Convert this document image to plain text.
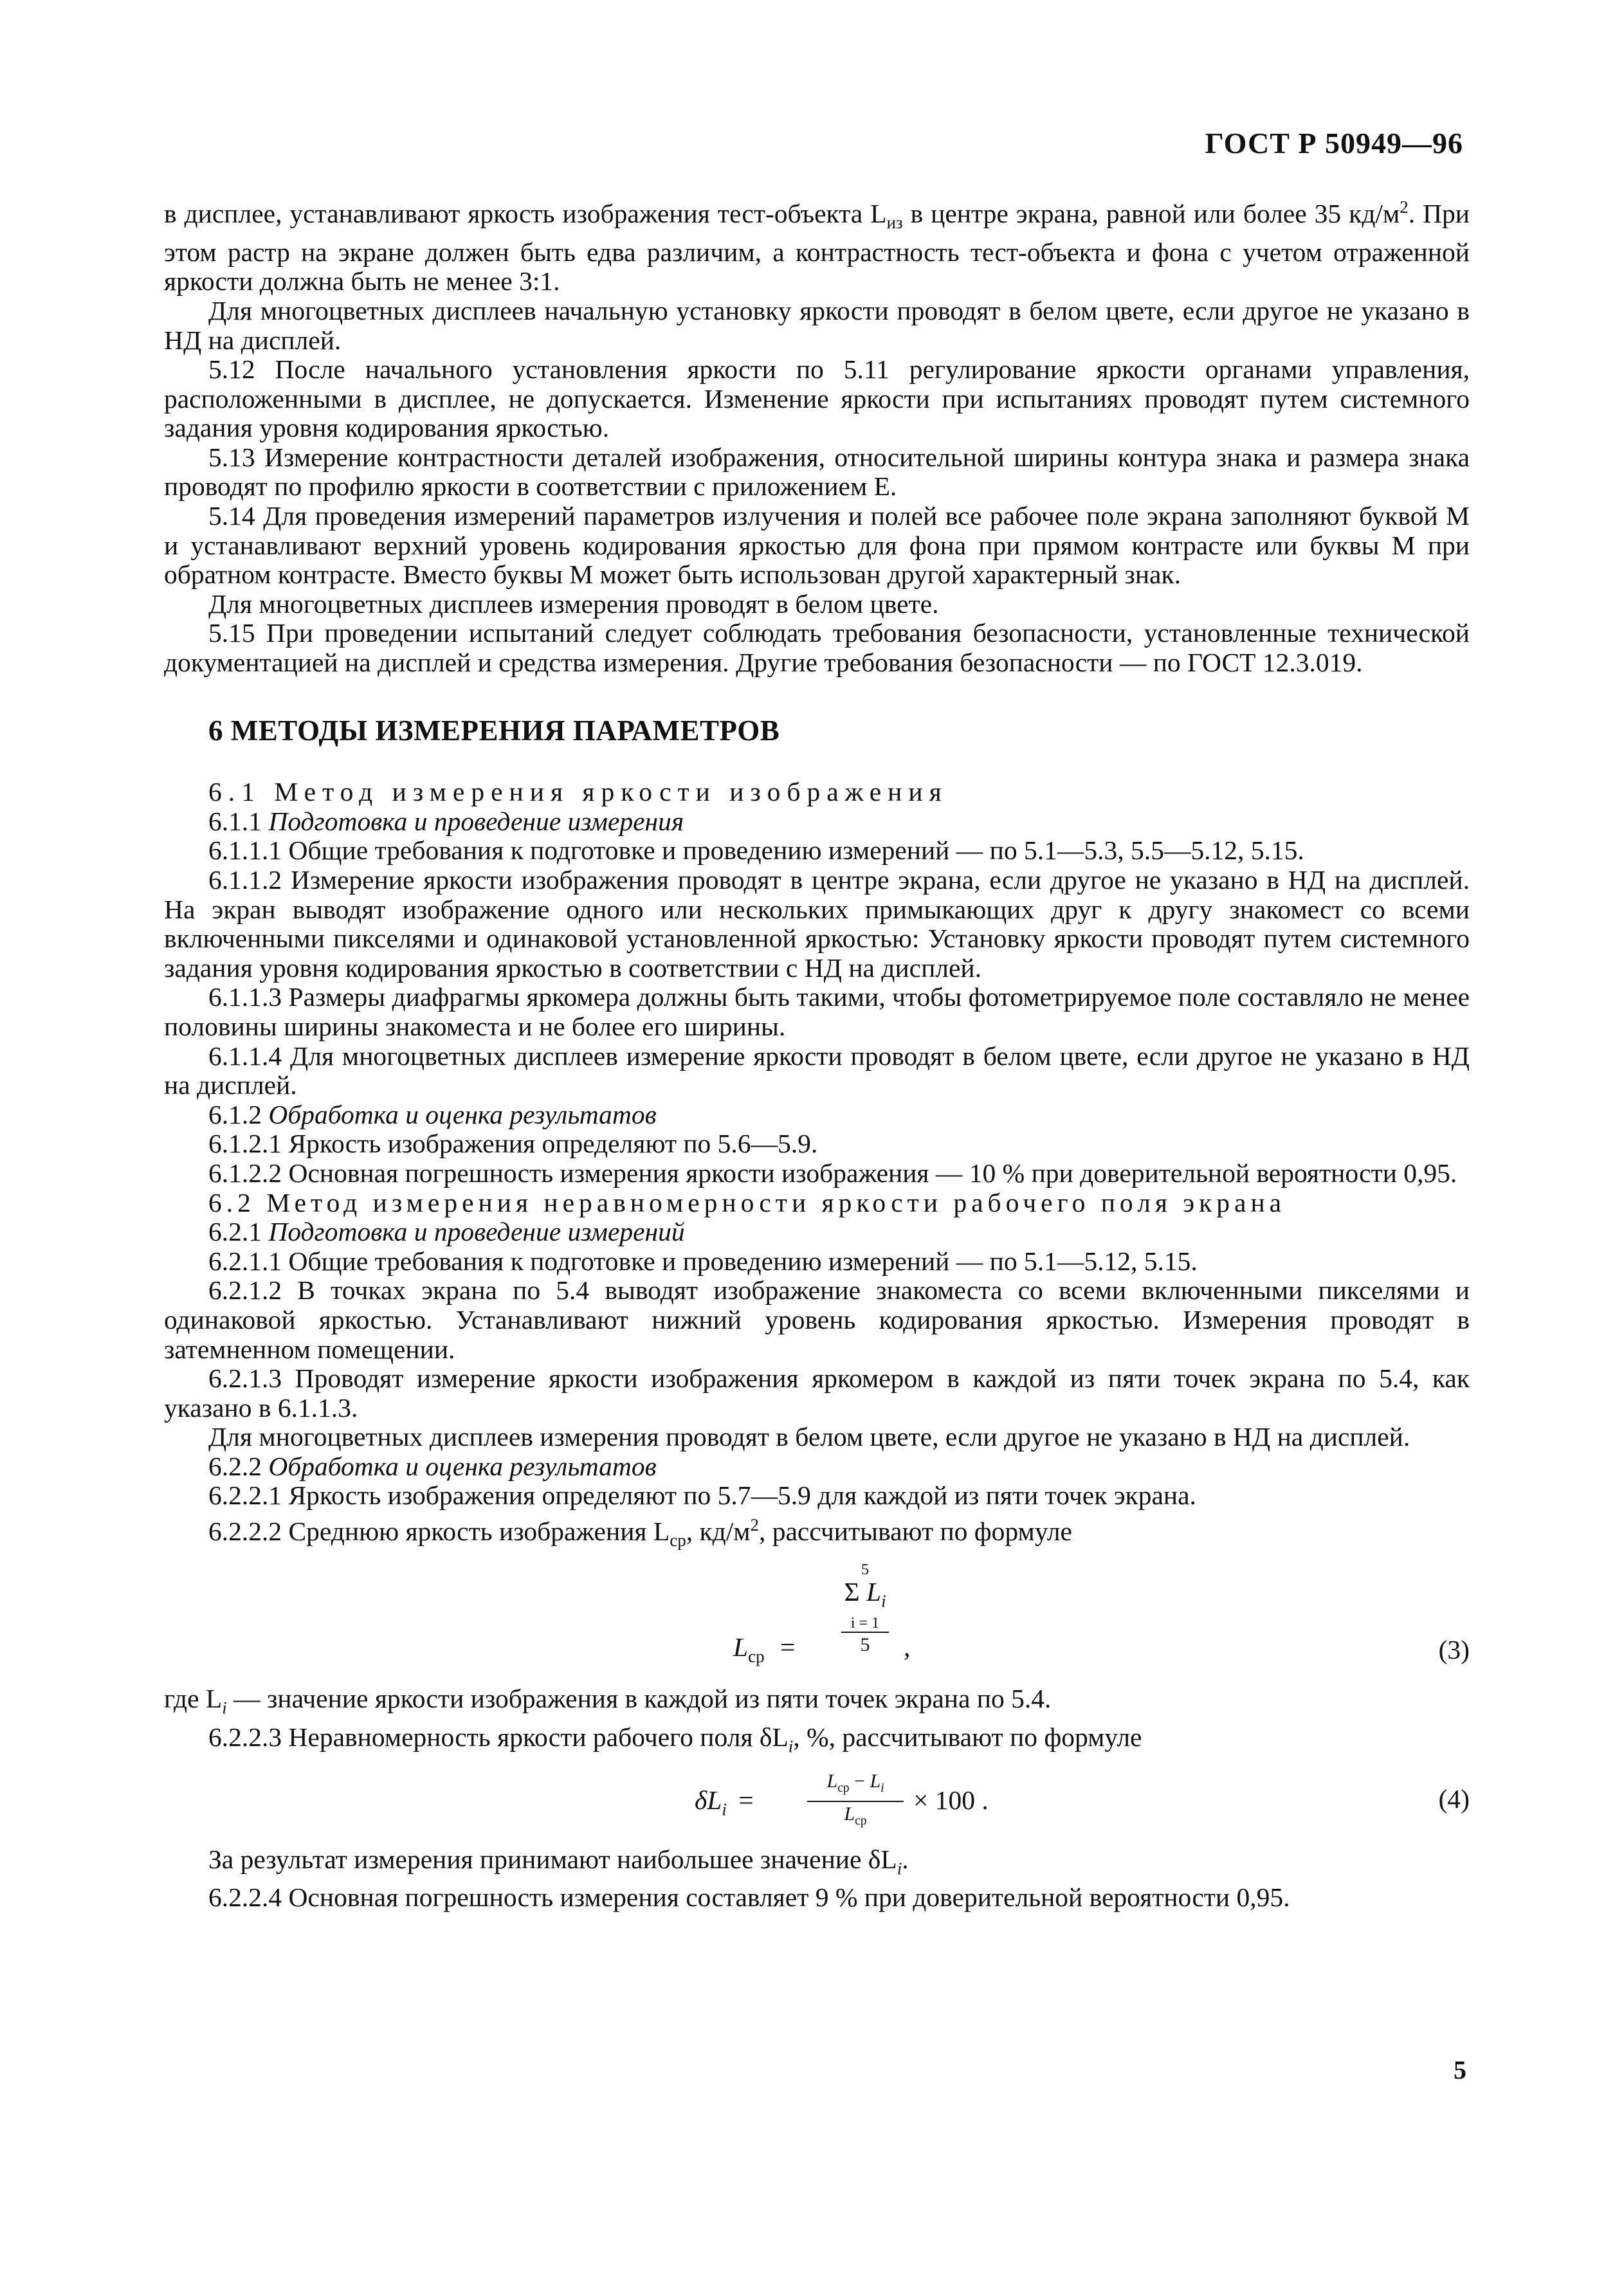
ГОСТ Р 50949—96

в дисплее, устанавливают яркость изображения тест-объекта $L_{из}$ в центре экрана, равной или более 35 $кд/м^2$. При этом растр на экране должен быть едва различим, а контрастность тест-объекта и фона с учетом отраженной яркости должна быть не менее 3:1.

Для многоцветных дисплеев начальную установку яркости проводят в белом цвете, если другое не указано в НД на дисплей.

5.12 После начального установления яркости по 5.11 регулирование яркости органами управления, расположенными в дисплее, не допускается. Изменение яркости при испытаниях проводят путем системного задания уровня кодирования яркостью.

5.13 Измерение контрастности деталей изображения, относительной ширины контура знака и размера знака проводят по профилю яркости в соответствии с приложением Е.

5.14 Для проведения измерений параметров излучения и полей все рабочее поле экрана заполняют буквой М и устанавливают верхний уровень кодирования яркостью для фона при прямом контрасте или буквы М при обратном контрасте. Вместо буквы М может быть использован другой характерный знак.

Для многоцветных дисплеев измерения проводят в белом цвете.

5.15 При проведении испытаний следует соблюдать требования безопасности, установленные технической документацией на дисплей и средства измерения. Другие требования безопасности — по ГОСТ 12.3.019.

6 МЕТОДЫ ИЗМЕРЕНИЯ ПАРАМЕТРОВ

6.1 Метод измерения яркости изображения

6.1.1 Подготовка и проведение измерения

6.1.1.1 Общие требования к подготовке и проведению измерений — по 5.1—5.3, 5.5—5.12, 5.15.

6.1.1.2 Измерение яркости изображения проводят в центре экрана, если другое не указано в НД на дисплей. На экран выводят изображение одного или нескольких примыкающих друг к другу знакомест со всеми включенными пикселями и одинаковой установленной яркостью: Установку яркости проводят путем системного задания уровня кодирования яркостью в соответствии с НД на дисплей.

6.1.1.3 Размеры диафрагмы яркомера должны быть такими, чтобы фотометрируемое поле составляло не менее половины ширины знакоместа и не более его ширины.

6.1.1.4 Для многоцветных дисплеев измерение яркости проводят в белом цвете, если другое не указано в НД на дисплей.

6.1.2 Обработка и оценка результатов

6.1.2.1 Яркость изображения определяют по 5.6—5.9.

6.1.2.2 Основная погрешность измерения яркости изображения — 10 % при доверительной вероятности 0,95.

6.2 Метод измерения неравномерности яркости рабочего поля экрана

6.2.1 Подготовка и проведение измерений

6.2.1.1 Общие требования к подготовке и проведению измерений — по 5.1—5.12, 5.15.

6.2.1.2 В точках экрана по 5.4 выводят изображение знакоместа со всеми включенными пикселями и одинаковой яркостью. Устанавливают нижний уровень кодирования яркостью. Измерения проводят в затемненном помещении.

6.2.1.3 Проводят измерение яркости изображения яркомером в каждой из пяти точек экрана по 5.4, как указано в 6.1.1.3.

Для многоцветных дисплеев измерения проводят в белом цвете, если другое не указано в НД на дисплей.

6.2.2 Обработка и оценка результатов

6.2.2.1 Яркость изображения определяют по 5.7—5.9 для каждой из пяти точек экрана.

6.2.2.2 Среднюю яркость изображения $L_{ср}$, $кд/м^2$, рассчитывают по формуле

$L_{ср}$ =
5
Σ $L_i$
i = 1
5	,	(3)

где $L_i$ — значение яркости изображения в каждой из пяти точек экрана по 5.4.

6.2.2.3 Неравномерность яркости рабочего поля $\delta L_i$, %, рассчитывают по формуле

$\delta L_i$ =
$L_{ср} - L_i$
$L_{ср}$
× 100 .	(4)

За результат измерения принимают наибольшее значение $\delta L_i$.

6.2.2.4 Основная погрешность измерения составляет 9 % при доверительной вероятности 0,95.

5
